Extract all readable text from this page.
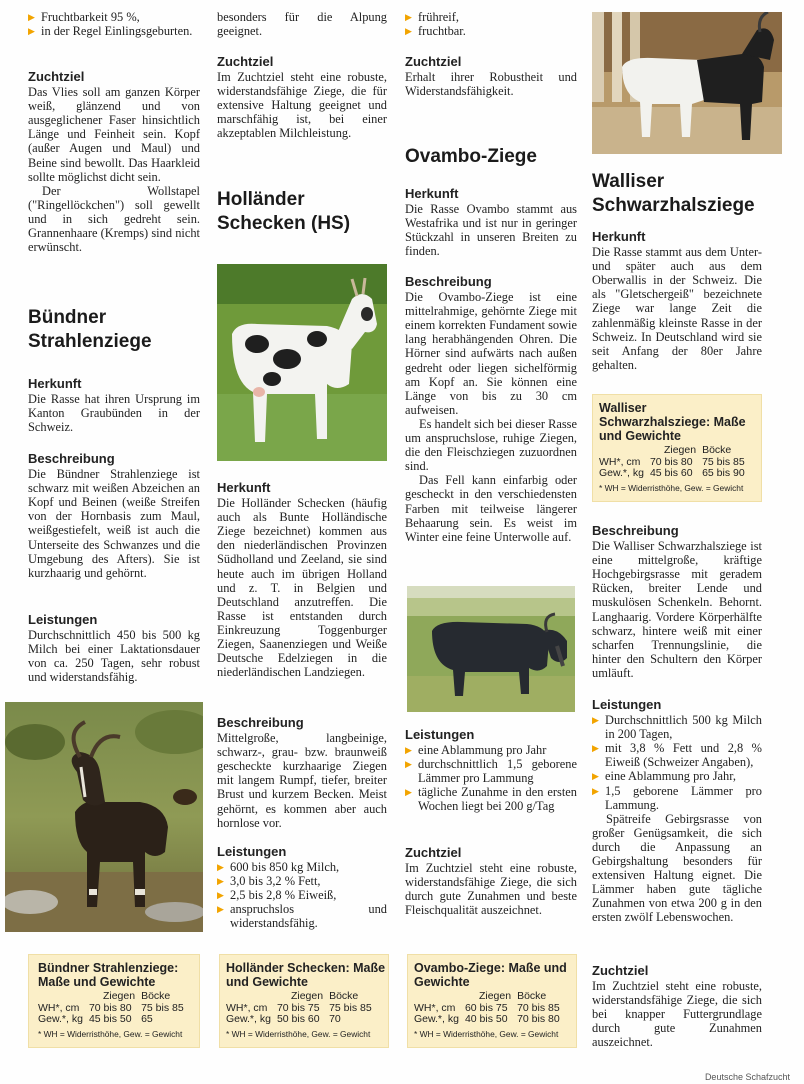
▶ Fruchtbarkeit 95 %,
▶ in der Regel Einlingsgeburten.
Zuchtziel

Das Vlies soll am ganzen Körper weiß, glänzend und von ausgeglichener Faser hinsichtlich Länge und Feinheit sein. Kopf (außer Augen und Maul) und Beine sind bewollt. Das Haarkleid sollte möglichst dicht sein.

Der Wollstapel ("Ringellöckchen") soll gewellt und in sich gedreht sein. Grannenhaare (Kremps) sind nicht erwünscht.

Bündner Strahlenziege
Herkunft

Die Rasse hat ihren Ursprung im Kanton Graubünden in der Schweiz.

Beschreibung

Die Bündner Strahlenziege ist schwarz mit weißen Abzeichen an Kopf und Beinen (weiße Streifen von der Hornbasis zum Maul, weißgestiefelt, weiß ist auch die Unterseite des Schwanzes und die Umgebung des Afters). Sie ist kurzhaarig und gehörnt.

Leistungen

Durchschnittlich 450 bis 500 kg Milch bei einer Laktationsdauer von ca. 250 Tagen, sehr robust und widerstandsfähig.

Bündner Strahlenziege: Maße und Gewichte
	Ziegen	Böcke
WH*, cm	70 bis 80	75 bis 85
Gew.*, kg	45 bis 50	65
* WH = Widerristhöhe, Gew. = Gewicht

besonders für die Alpung geeignet.

Zuchtziel

Im Zuchtziel steht eine robuste, widerstandsfähige Ziege, die für extensive Haltung geeignet und marschfähig ist, bei einer akzeptablen Milchleistung.

Holländer Schecken (HS)
Herkunft

Die Holländer Schecken (häufig auch als Bunte Holländische Ziege bezeichnet) kommen aus den niederländischen Provinzen Südholland und Zeeland, sie sind heute auch im übrigen Holland und z. T. in Belgien und Deutschland anzutreffen. Die Rasse ist entstanden durch Einkreuzung Toggenburger Ziegen, Saanenziegen und Weiße Deutsche Edelziegen in die niederländischen Landziegen.

Beschreibung

Mittelgroße, langbeinige, schwarz-, grau- bzw. braunweiß gescheckte kurzhaarige Ziegen mit langem Rumpf, tiefer, breiter Brust und kurzem Becken. Meist gehörnt, es kommen aber auch hornlose vor.

Leistungen
▶ 600 bis 850 kg Milch,
▶ 3,0 bis 3,2 % Fett,
▶ 2,5 bis 2,8 % Eiweiß,
▶ anspruchslos und widerstandsfähig.
Holländer Schecken: Maße und Gewichte
	Ziegen	Böcke
WH*, cm	70 bis 75	75 bis 85
Gew.*, kg	50 bis 60	70
* WH = Widerristhöhe, Gew. = Gewicht
▶ frühreif,
▶ fruchtbar.
Zuchtziel

Erhalt ihrer Robustheit und Widerstandsfähigkeit.

Ovambo-Ziege
Herkunft

Die Rasse Ovambo stammt aus Westafrika und ist nur in geringer Stückzahl in unseren Breiten zu finden.

Beschreibung

Die Ovambo-Ziege ist eine mittelrahmige, gehörnte Ziege mit einem korrekten Fundament sowie lang herabhängenden Ohren. Die Hörner sind aufwärts nach außen gedreht oder liegen sichelförmig am Kopf an. Sie können eine Länge von bis zu 30 cm aufweisen.

Es handelt sich bei dieser Rasse um anspruchslose, ruhige Ziegen, die den Fleischziegen zuzuordnen sind.

Das Fell kann einfarbig oder gescheckt in den verschiedensten Farben mit teilweise längerer Behaarung sein. Es weist im Winter eine feine Unterwolle auf.

Leistungen
▶ eine Ablammung pro Jahr
▶ durchschnittlich 1,5 geborene Lämmer pro Lammung
▶ tägliche Zunahme in den ersten Wochen liegt bei 200 g/Tag
Zuchtziel

Im Zuchtziel steht eine robuste, widerstandsfähige Ziege, die sich durch gute Zunahmen und beste Fleischqualität auszeichnet.

Ovambo-Ziege: Maße und Gewichte
	Ziegen	Böcke
WH*, cm	60 bis 75	70 bis 85
Gew.*, kg	40 bis 50	70 bis 80
* WH = Widerristhöhe, Gew. = Gewicht
Walliser Schwarzhalsziege
Herkunft

Die Rasse stammt aus dem Unter- und später auch aus dem Oberwallis in der Schweiz. Die als "Gletschergeiß" bezeichnete Ziege war lange Zeit die zahlenmäßig kleinste Rasse in der Schweiz. In Deutschland wird sie seit Anfang der 80er Jahre gehalten.

Walliser Schwarzhalsziege: Maße und Gewichte
	Ziegen	Böcke
WH*, cm	70 bis 80	75 bis 85
Gew.*, kg	45 bis 60	65 bis 90
* WH = Widerristhöhe, Gew. = Gewicht
Beschreibung

Die Walliser Schwarzhalsziege ist eine mittelgroße, kräftige Hochgebirgsrasse mit geradem Rücken, breiter Lende und muskulösen Schenkeln. Behornt. Langhaarig. Vordere Körperhälfte schwarz, hintere weiß mit einer scharfen Trennungslinie, die hinter den Schultern den Körper umläuft.

Leistungen
▶ Durchschnittlich 500 kg Milch in 200 Tagen,
▶ mit 3,8 % Fett und 2,8 % Eiweiß (Schweizer Angaben),
▶ eine Ablammung pro Jahr,
▶ 1,5 geborene Lämmer pro Lammung.

Spätreife Gebirgsrasse von großer Genügsamkeit, die sich durch die Anpassung an Gebirgshaltung besonders für extensiven Haltung eignet. Die Lämmer haben gute tägliche Zunahmen von etwa 200 g in den ersten zwölf Lebenswochen.

Zuchtziel

Im Zuchtziel steht eine robuste, widerstandsfähige Ziege, die sich bei knapper Futtergrundlage durch gute Zunahmen auszeichnet.

Deutsche Schafzucht
